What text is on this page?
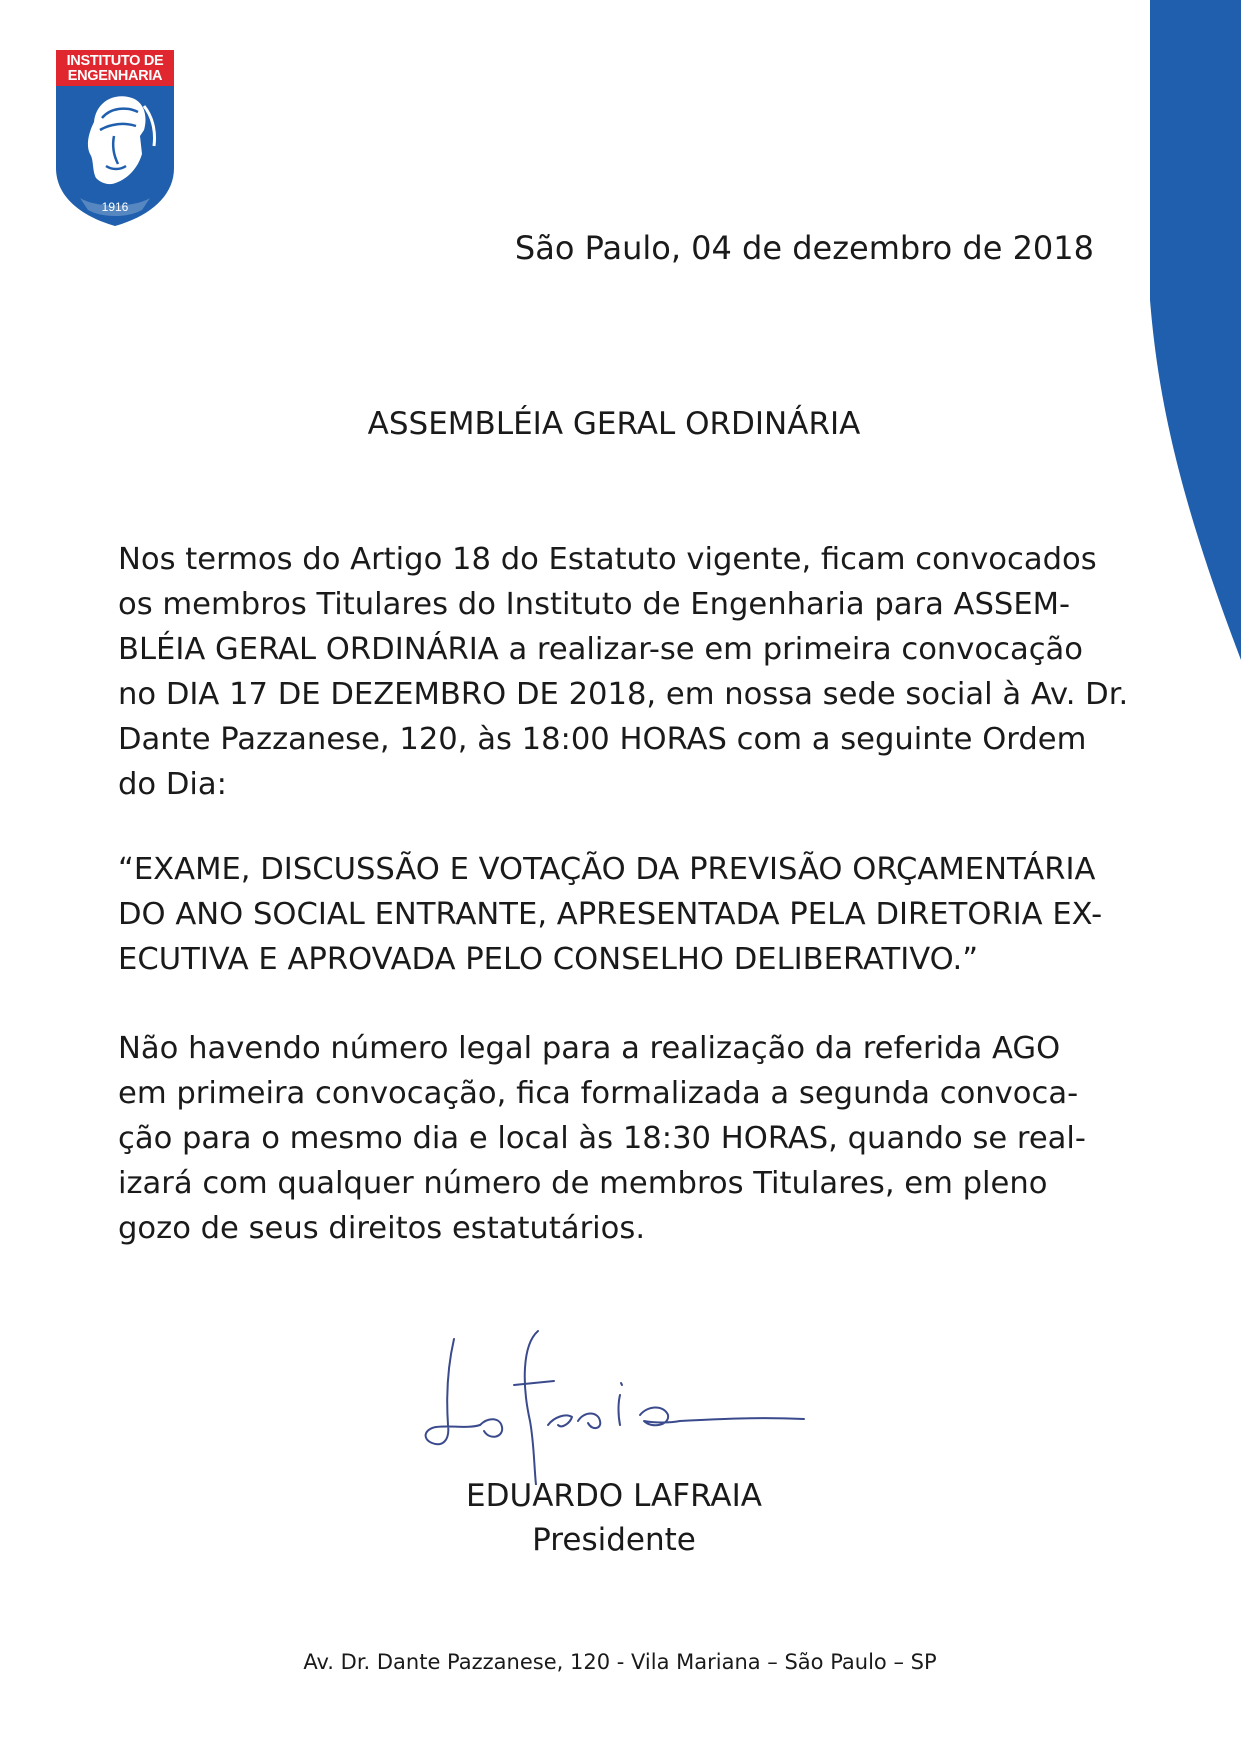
INSTITUTO DE
ENGENHARIA
1916
São Paulo, 04 de dezembro de 2018
ASSEMBLÉIA GERAL ORDINÁRIA

Nos termos do Artigo 18 do Estatuto vigente, ficam convocados
os membros Titulares do Instituto de Engenharia para ASSEM-
BLÉIA GERAL ORDINÁRIA a realizar-se em primeira convocação
no DIA 17 DE DEZEMBRO DE 2018, em nossa sede social à Av. Dr.
Dante Pazzanese, 120, às 18:00 HORAS com a seguinte Ordem
do Dia:

“EXAME, DISCUSSÃO E VOTAÇÃO DA PREVISÃO ORÇAMENTÁRIA
DO ANO SOCIAL ENTRANTE, APRESENTADA PELA DIRETORIA EX-
ECUTIVA E APROVADA PELO CONSELHO DELIBERATIVO.”

Não havendo número legal para a realização da referida AGO
em primeira convocação, fica formalizada a segunda convoca-
ção para o mesmo dia e local às 18:30 HORAS, quando se real-
izará com qualquer número de membros Titulares, em pleno
gozo de seus direitos estatutários.

EDUARDO LAFRAIA
Presidente
Av. Dr. Dante Pazzanese, 120 - Vila Mariana – São Paulo – SP
